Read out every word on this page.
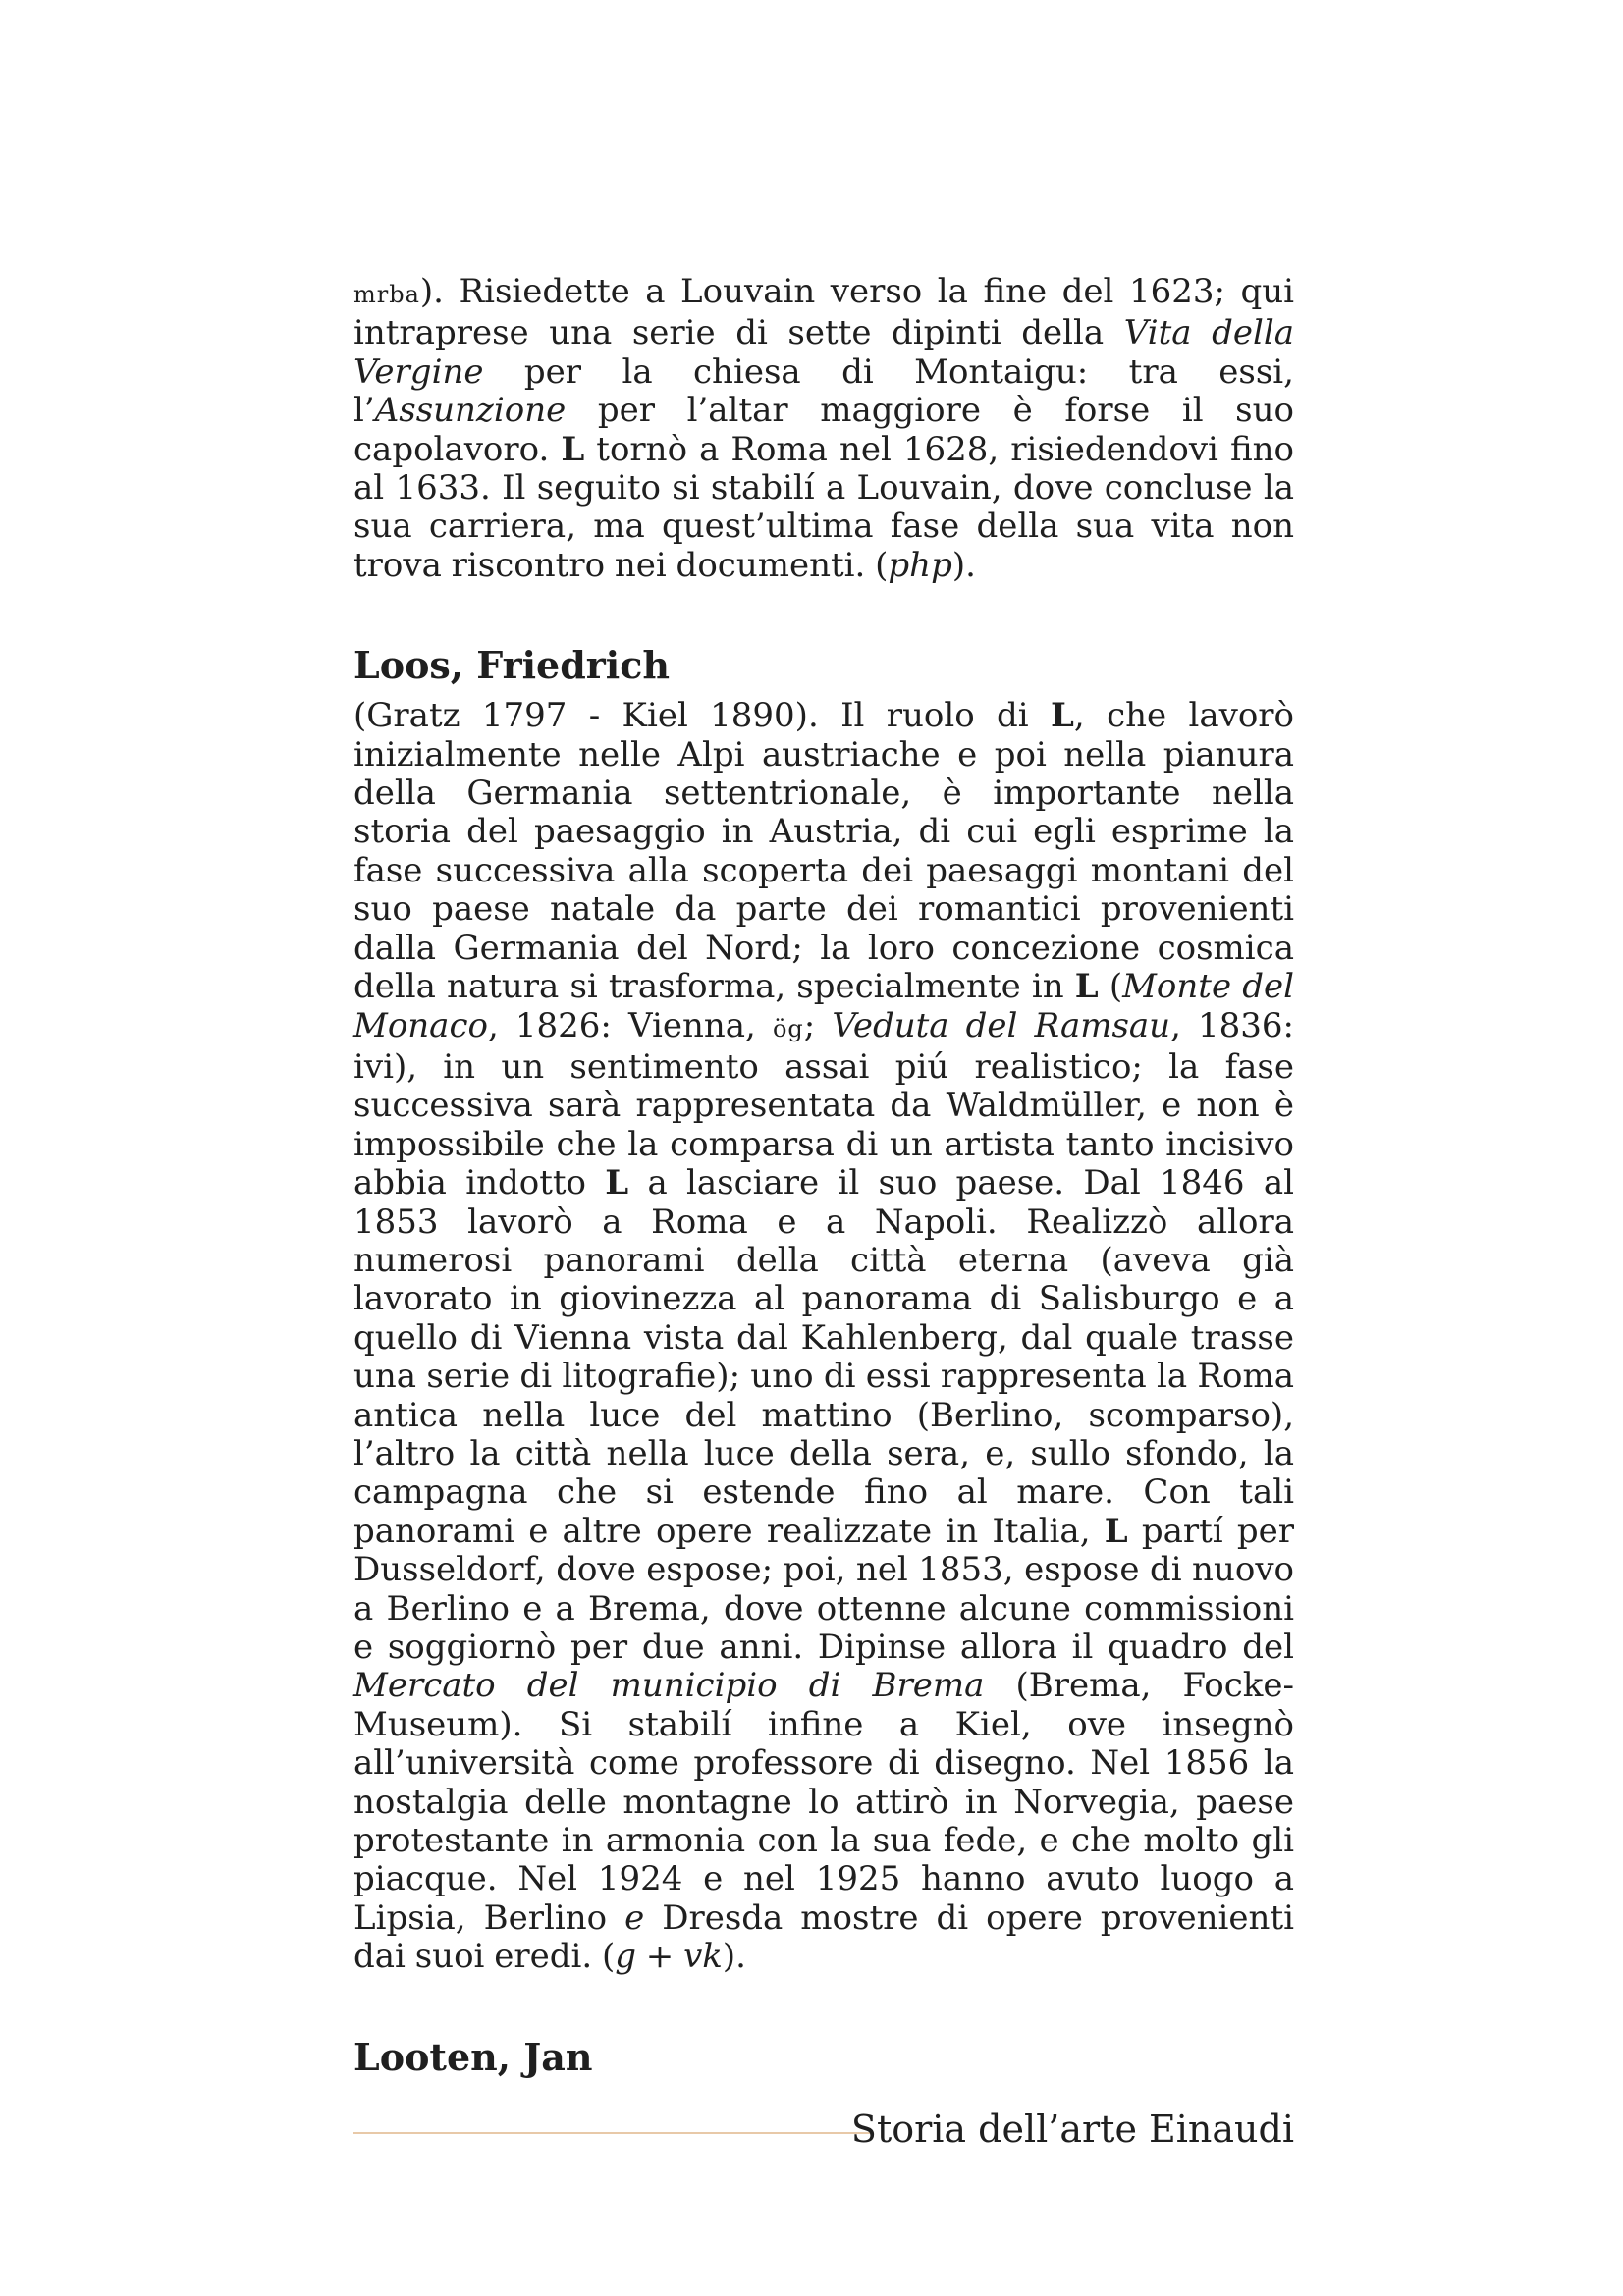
mrba). Risiedette a Louvain verso la fine del 1623; qui intraprese una serie di sette dipinti della Vita della Vergine per la chiesa di Montaigu: tra essi, l’Assunzione per l’altar maggiore è forse il suo capolavoro. L tornò a Roma nel 1628, risiedendovi fino al 1633. Il seguito si stabilí a Louvain, dove concluse la sua carriera, ma quest’ultima fase della sua vita non trova riscontro nei documenti. (php).

Loos, Friedrich

(Gratz 1797 - Kiel 1890). Il ruolo di L, che lavorò inizialmente nelle Alpi austriache e poi nella pianura della Germania settentrionale, è importante nella storia del paesaggio in Austria, di cui egli esprime la fase successiva alla scoperta dei paesaggi montani del suo paese natale da parte dei romantici provenienti dalla Germania del Nord; la loro concezione cosmica della natura si trasforma, specialmente in L (Monte del Monaco, 1826: Vienna, ög; Veduta del Ramsau, 1836: ivi), in un sentimento assai piú realistico; la fase successiva sarà rappresentata da Waldmüller, e non è impossibile che la comparsa di un artista tanto incisivo abbia indotto L a lasciare il suo paese. Dal 1846 al 1853 lavorò a Roma e a Napoli. Realizzò allora numerosi panorami della città eterna (aveva già lavorato in giovinezza al panorama di Salisburgo e a quello di Vienna vista dal Kahlenberg, dal quale trasse una serie di litografie); uno di essi rappresenta la Roma antica nella luce del mattino (Berlino, scomparso), l’altro la città nella luce della sera, e, sullo sfondo, la campagna che si estende fino al mare. Con tali panorami e altre opere realizzate in Italia, L partí per Dusseldorf, dove espose; poi, nel 1853, espose di nuovo a Berlino e a Brema, dove ottenne alcune commissioni e soggiornò per due anni. Dipinse allora il quadro del Mercato del municipio di Brema (Brema, Focke-Museum). Si stabilí infine a Kiel, ove insegnò all’università come professore di disegno. Nel 1856 la nostalgia delle montagne lo attirò in Norvegia, paese protestante in armonia con la sua fede, e che molto gli piacque. Nel 1924 e nel 1925 hanno avuto luogo a Lipsia, Berlino e Dresda mostre di opere provenienti dai suoi eredi. (g + vk).

Looten, Jan
Storia dell’arte Einaudi
